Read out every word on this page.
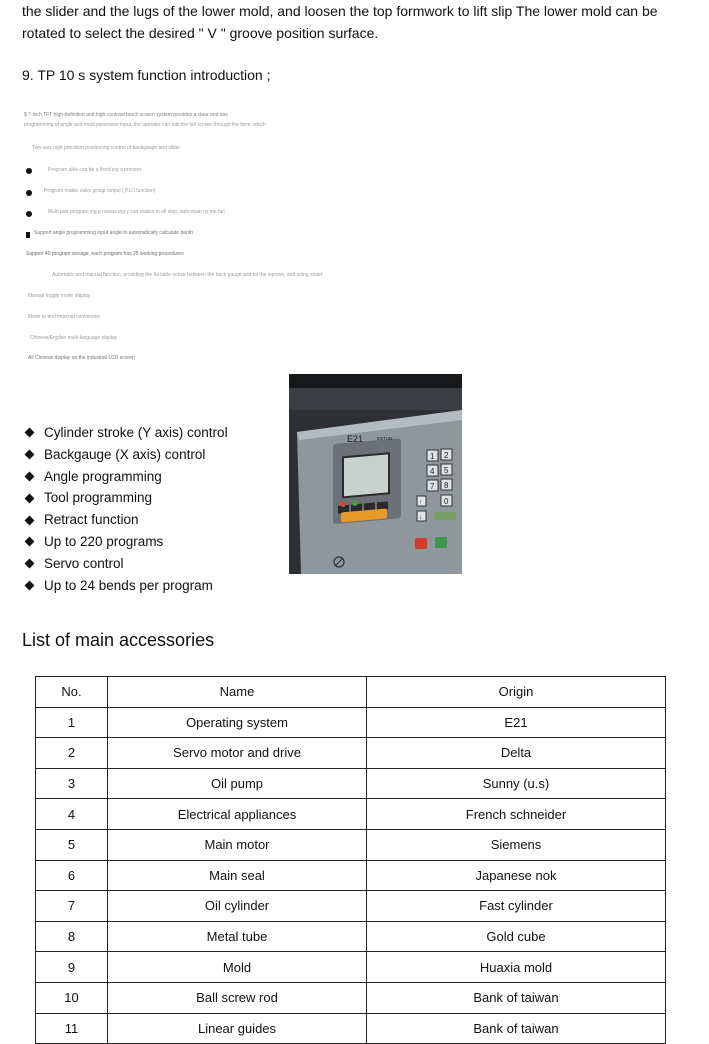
the slider and the lugs of the lower mold, and loosen the top formwork to lift slip The lower mold can be rotated to select the desired " V " groove position surface.

9. TP 10 s system function introduction ;

$ 7-inch TFT high-definition and high-contrast touch screen system provides a clear and eas
programming of angle and mold parameter input, the operator can edit the full screen through the form, which
Two-axis high precision positioning control of backgauge and slider
Program able can be a fixed ing a process
Program mable valve group output ( PLC function)
Multi part program ing p rocess ing y can realize in all step, auto main ny me fun
Support angle programming input angle to automatically calculate depth
Support 40 program storage, each program has 25 working procedures
Automatic and manual function, providing the ful table sense between the back gauge and tol the inprove, and using smart
Manual toggle mode display
Mode to and imperial conversion
Chinese/English multi-language display
All Chinese display on the industrial LCD screen
Cylinder stroke (Y axis) control
Backgauge (X axis) control
Angle programming
Tool programming
Retract function
Up to 220 programs
Servo control
Up to 24 bends per program
E21	ESTUN
1 2
4 5
7 8
0
↑
↓
List of main accessories
No.	Name	Origin
1	Operating system	E21
2	Servo motor and drive	Delta
3	Oil pump	Sunny (u.s)
4	Electrical appliances	French schneider
5	Main motor	Siemens
6	Main seal	Japanese nok
7	Oil cylinder	Fast cylinder
8	Metal tube	Gold cube
9	Mold	Huaxia mold
10	Ball screw rod	Bank of taiwan
11	Linear guides	Bank of taiwan
